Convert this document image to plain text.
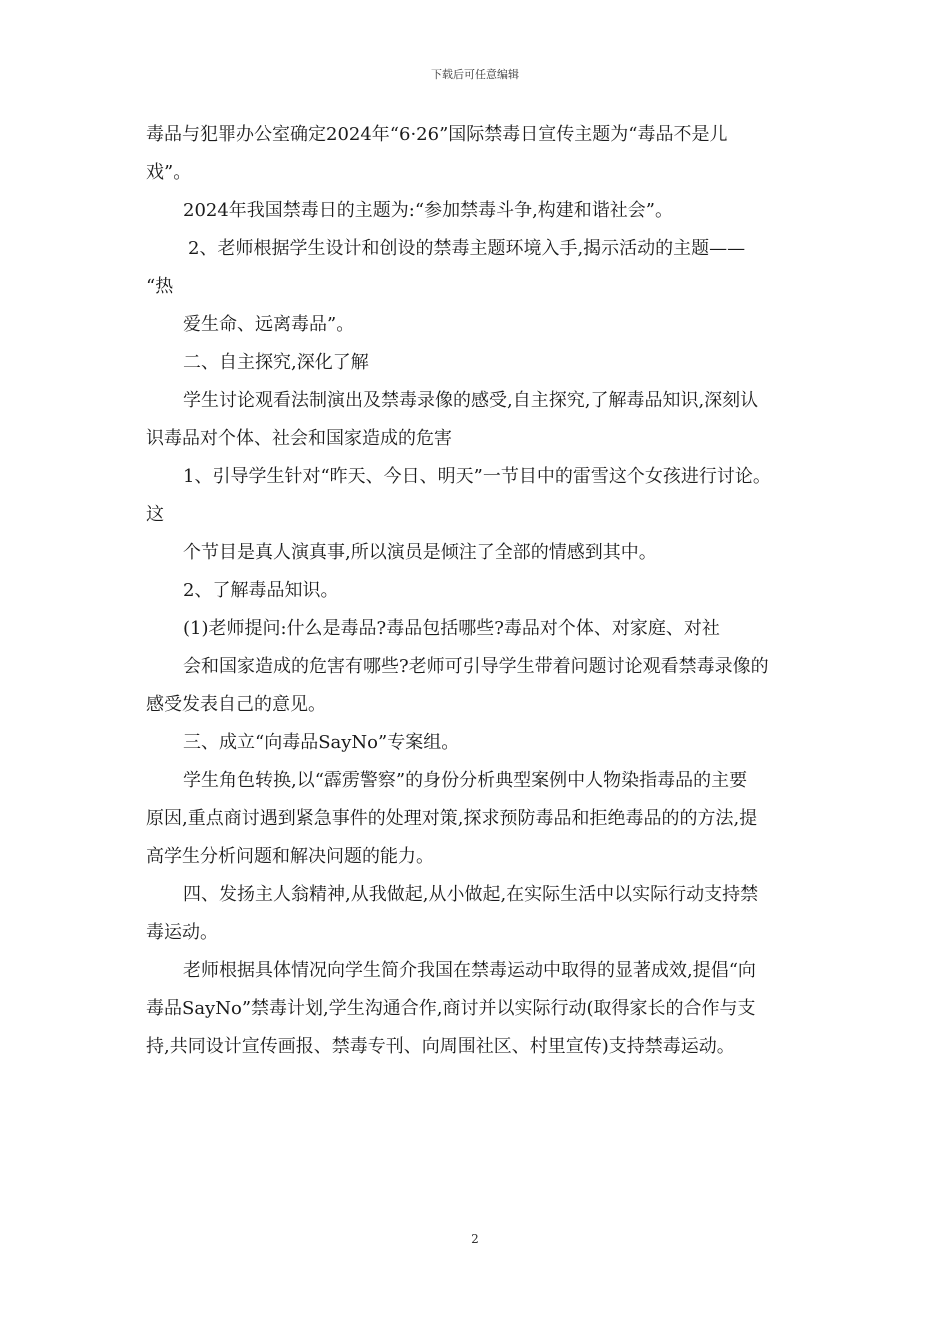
下载后可任意编辑
毒品与犯罪办公室确定2024年“6·26”国际禁毒日宣传主题为“毒品不是儿
戏”。
2024年我国禁毒日的主题为:“参加禁毒斗争,构建和谐社会”。
2、老师根据学生设计和创设的禁毒主题环境入手,揭示活动的主题——
“热
爱生命、远离毒品”。
二、自主探究,深化了解
学生讨论观看法制演出及禁毒录像的感受,自主探究,了解毒品知识,深刻认
识毒品对个体、社会和国家造成的危害
1、引导学生针对“昨天、今日、明天”一节目中的雷雪这个女孩进行讨论。
这
个节目是真人演真事,所以演员是倾注了全部的情感到其中。
2、了解毒品知识。
(1)老师提问:什么是毒品?毒品包括哪些?毒品对个体、对家庭、对社
会和国家造成的危害有哪些?老师可引导学生带着问题讨论观看禁毒录像的
感受发表自己的意见。
三、成立“向毒品SayNo”专案组。
学生角色转换,以“霹雳警察”的身份分析典型案例中人物染指毒品的主要
原因,重点商讨遇到紧急事件的处理对策,探求预防毒品和拒绝毒品的的方法,提
高学生分析问题和解决问题的能力。
四、发扬主人翁精神,从我做起,从小做起,在实际生活中以实际行动支持禁
毒运动。
老师根据具体情况向学生简介我国在禁毒运动中取得的显著成效,提倡“向
毒品SayNo”禁毒计划,学生沟通合作,商讨并以实际行动(取得家长的合作与支
持,共同设计宣传画报、禁毒专刊、向周围社区、村里宣传)支持禁毒运动。
2
